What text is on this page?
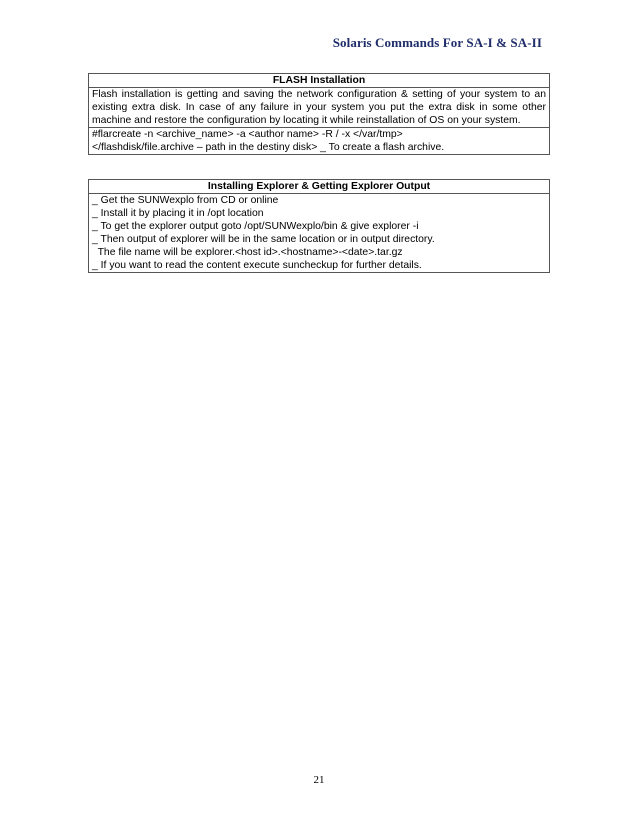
Solaris Commands For SA-I & SA-II
FLASH Installation
Flash installation is getting and saving the network configuration & setting of your system to an existing extra disk. In case of any failure in your system you put the extra disk in some other machine and restore the configuration by locating it while reinstallation of OS on your system.
#flarcreate -n <archive_name> -a <author name> -R / -x </var/tmp>
</flashdisk/file.archive – path in the destiny disk> _ To create a flash archive.
Installing Explorer & Getting Explorer Output
_ Get the SUNWexplo from CD or online
_ Install it by placing it in /opt location
_ To get the explorer output goto /opt/SUNWexplo/bin & give explorer -i
_ Then output of explorer will be in the same location or in output directory.
The file name will be explorer.<host id>.<hostname>-<date>.tar.gz
_ If you want to read the content execute suncheckup for further details.
21
